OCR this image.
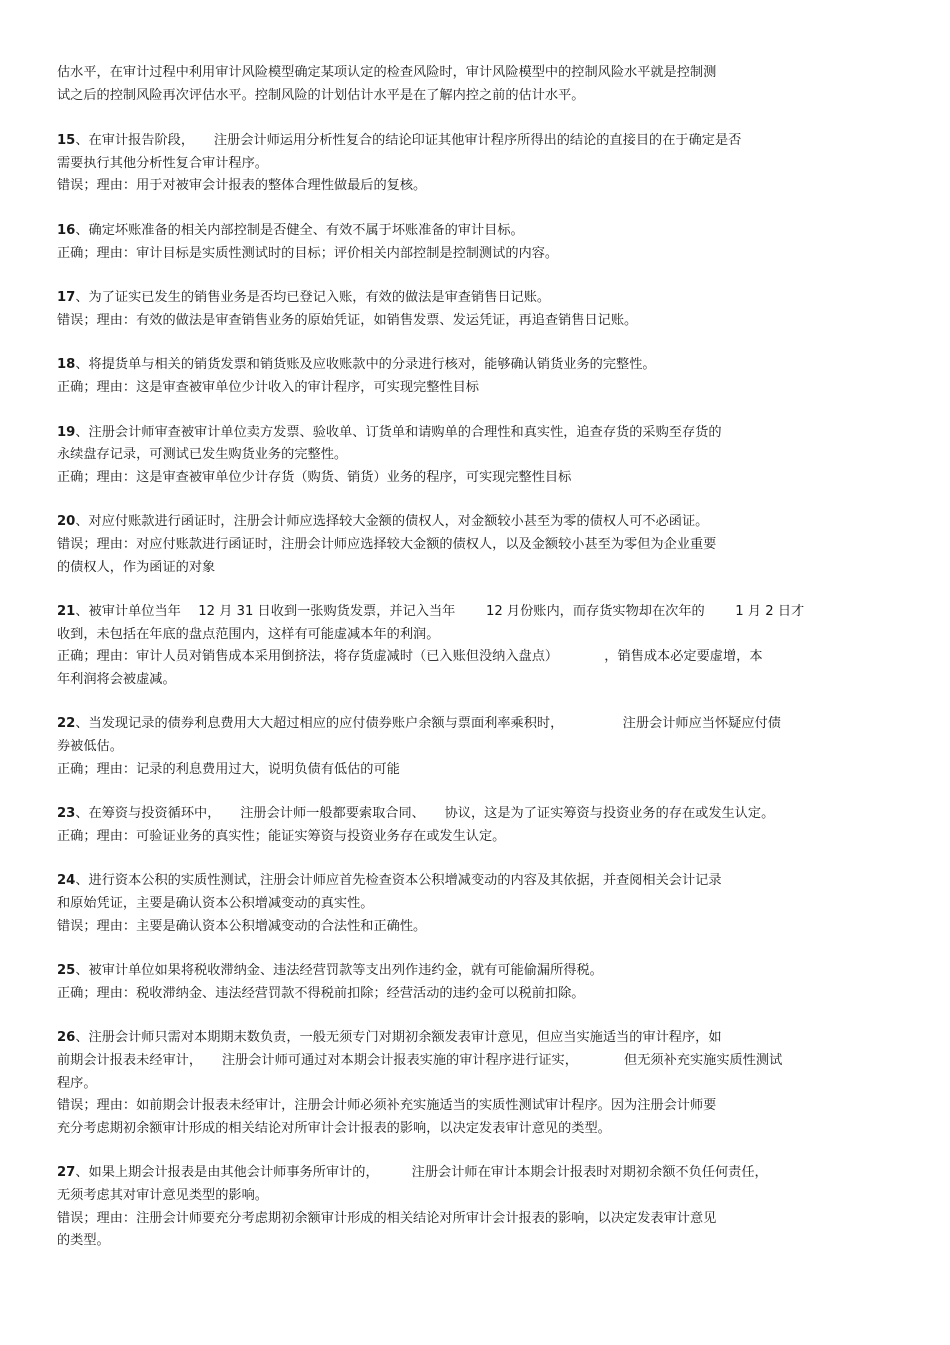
估水平，在审计过程中利用审计风险模型确定某项认定的检查风险时，审计风险模型中的控制风险水平就是控制测
试之后的控制风险再次评估水平。控制风险的计划估计水平是在了解内控之前的估计水平。
15、在审计报告阶段，　　注册会计师运用分析性复合的结论印证其他审计程序所得出的结论的直接目的在于确定是否
需要执行其他分析性复合审计程序。
错误；理由：用于对被审会计报表的整体合理性做最后的复核。
16、确定坏账准备的相关内部控制是否健全、有效不属于坏账准备的审计目标。
正确；理由：审计目标是实质性测试时的目标；评价相关内部控制是控制测试的内容。
17、为了证实已发生的销售业务是否均已登记入账，有效的做法是审查销售日记账。
错误；理由：有效的做法是审查销售业务的原始凭证，如销售发票、发运凭证，再追查销售日记账。
18、将提货单与相关的销货发票和销货账及应收账款中的分录进行核对，能够确认销货业务的完整性。
正确；理由：这是审查被审单位少计收入的审计程序，可实现完整性目标
19、注册会计师审查被审计单位卖方发票、验收单、订货单和请购单的合理性和真实性，追查存货的采购至存货的
永续盘存记录，可测试已发生购货业务的完整性。
正确；理由：这是审查被审单位少计存货（购货、销货）业务的程序，可实现完整性目标
20、对应付账款进行函证时，注册会计师应选择较大金额的债权人，对金额较小甚至为零的债权人可不必函证。
错误；理由：对应付账款进行函证时，注册会计师应选择较大金额的债权人，以及金额较小甚至为零但为企业重要
的债权人，作为函证的对象
21、被审计单位当年　 12 月 31 日收到一张购货发票，并记入当年　　 12 月份账内，而存货实物却在次年的　　 1 月 2 日才
收到，未包括在年底的盘点范围内，这样有可能虚减本年的利润。
正确；理由：审计人员对销售成本采用倒挤法，将存货虚减时（已入账但没纳入盘点）　　　　，销售成本必定要虚增，本
年利润将会被虚减。
22、当发现记录的债券利息费用大大超过相应的应付债券账户余额与票面利率乘积时，　　　　　注册会计师应当怀疑应付债
券被低估。
正确；理由：记录的利息费用过大，说明负债有低估的可能
23、在筹资与投资循环中，　　注册会计师一般都要索取合同、　　协议，这是为了证实筹资与投资业务的存在或发生认定。
正确；理由：可验证业务的真实性；能证实筹资与投资业务存在或发生认定。
24、进行资本公积的实质性测试，注册会计师应首先检查资本公积增减变动的内容及其依据，并查阅相关会计记录
和原始凭证，主要是确认资本公积增减变动的真实性。
错误；理由：主要是确认资本公积增减变动的合法性和正确性。
25、被审计单位如果将税收滞纳金、违法经营罚款等支出列作违约金，就有可能偷漏所得税。
正确；理由：税收滞纳金、违法经营罚款不得税前扣除；经营活动的违约金可以税前扣除。
26、注册会计师只需对本期期末数负责，一般无须专门对期初余额发表审计意见，但应当实施适当的审计程序，如
前期会计报表未经审计，　　注册会计师可通过对本期会计报表实施的审计程序进行证实，　　　　但无须补充实施实质性测试
程序。
错误；理由：如前期会计报表未经审计，注册会计师必须补充实施适当的实质性测试审计程序。因为注册会计师要
充分考虑期初余额审计形成的相关结论对所审计会计报表的影响，以决定发表审计意见的类型。
27、如果上期会计报表是由其他会计师事务所审计的，　　　注册会计师在审计本期会计报表时对期初余额不负任何责任，
无须考虑其对审计意见类型的影响。
错误；理由：注册会计师要充分考虑期初余额审计形成的相关结论对所审计会计报表的影响，以决定发表审计意见
的类型。
